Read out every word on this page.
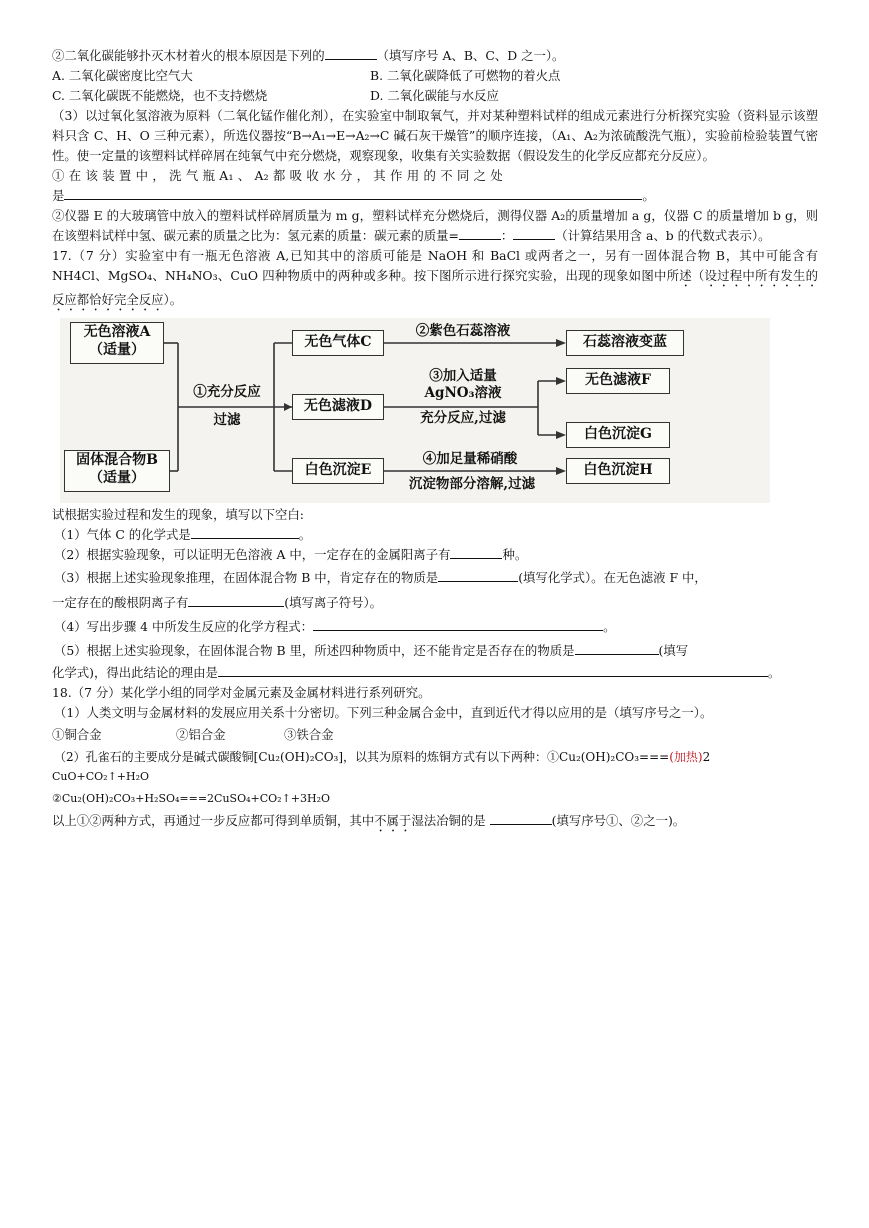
②二氧化碳能够扑灭木材着火的根本原因是下列的	（填写序号 A、B、C、D 之一）。

A. 二氧化碳密度比空气大	B. 二氧化碳降低了可燃物的着火点
C. 二氧化碳既不能燃烧，也不支持燃烧	D. 二氧化碳能与水反应

（3）以过氧化氢溶液为原料（二氧化锰作催化剂），在实验室中制取氧气，并对某种塑料试样的组成元素进行分析探究实验（资料显示该塑料只含 C、H、O 三种元素），所选仪器按“B→A₁→E→A₂→C 碱石灰干燥管”的顺序连接，（A₁、A₂为浓硫酸洗气瓶），实验前检验装置气密性。使一定量的该塑料试样碎屑在纯氧气中充分燃烧，观察现象，收集有关实验数据（假设发生的化学反应都充分反应）。

① 在 该 装 置 中 ， 洗 气 瓶 A₁ 、 A₂ 都 吸 收 水 分 ， 其 作 用 的 不 同 之 处

是	。

②仪器 E 的大玻璃管中放入的塑料试样碎屑质量为 m g，塑料试样充分燃烧后，测得仪器 A₂的质量增加 a g，仪器 C 的质量增加 b g，则在该塑料试样中氢、碳元素的质量之比为：氢元素的质量：碳元素的质量=	：	（计算结果用含 a、b 的代数式表示）。

17.（7 分）实验室中有一瓶无色溶液 A,已知其中的溶质可能是 NaOH 和 BaCl 或两者之一，另有一固体混合物 B，其中可能含有 NH4Cl、MgSO₄、NH₄NO₃、CuO 四种物质中的两种或多种。按下图所示进行探究实验，出现的现象如图中所述（设过程中所有发生的反应都恰好完全反应）。

无色溶液A
（适量）
固体混合物B
（适量）
①充分反应
过滤
无色气体C
无色滤液D
白色沉淀E
②紫色石蕊溶液
③加入适量
AgNO₃溶液
充分反应,过滤
④加足量稀硝酸
沉淀物部分溶解,过滤
石蕊溶液变蓝
无色滤液F
白色沉淀G
白色沉淀H

试根据实验过程和发生的现象，填写以下空白:

（1）气体 C 的化学式是	。

（2）根据实验现象，可以证明无色溶液 A 中，一定存在的金属阳离子有	种。

（3）根据上述实验现象推理，在固体混合物 B 中，肯定存在的物质是	(填写化学式）。在无色滤液 F 中，

一定存在的酸根阴离子有	(填写离子符号）。

（4）写出步骤 4 中所发生反应的化学方程式：	。

（5）根据上述实验现象，在固体混合物 B 里，所述四种物质中，还不能肯定是否存在的物质是	(填写

化学式)，得出此结论的理由是	。

18.（7 分）某化学小组的同学对金属元素及金属材料进行系列研究。

（1）人类文明与金属材料的发展应用关系十分密切。下列三种金属合金中，直到近代才得以应用的是（填写序号之一）。

①铜合金	②铝合金	③铁合金

（2）孔雀石的主要成分是碱式碳酸铜[Cu₂(OH)₂CO₃]，以其为原料的炼铜方式有以下两种：①Cu₂(OH)₂CO₃===(加热)2

CuO+CO₂↑+H₂O

②Cu₂(OH)₂CO₃+H₂SO₄===2CuSO₄+CO₂↑+3H₂O

以上①②两种方式，再通过一步反应都可得到单质铜，其中不属于湿法冶铜的是	(填写序号①、②之一)。
